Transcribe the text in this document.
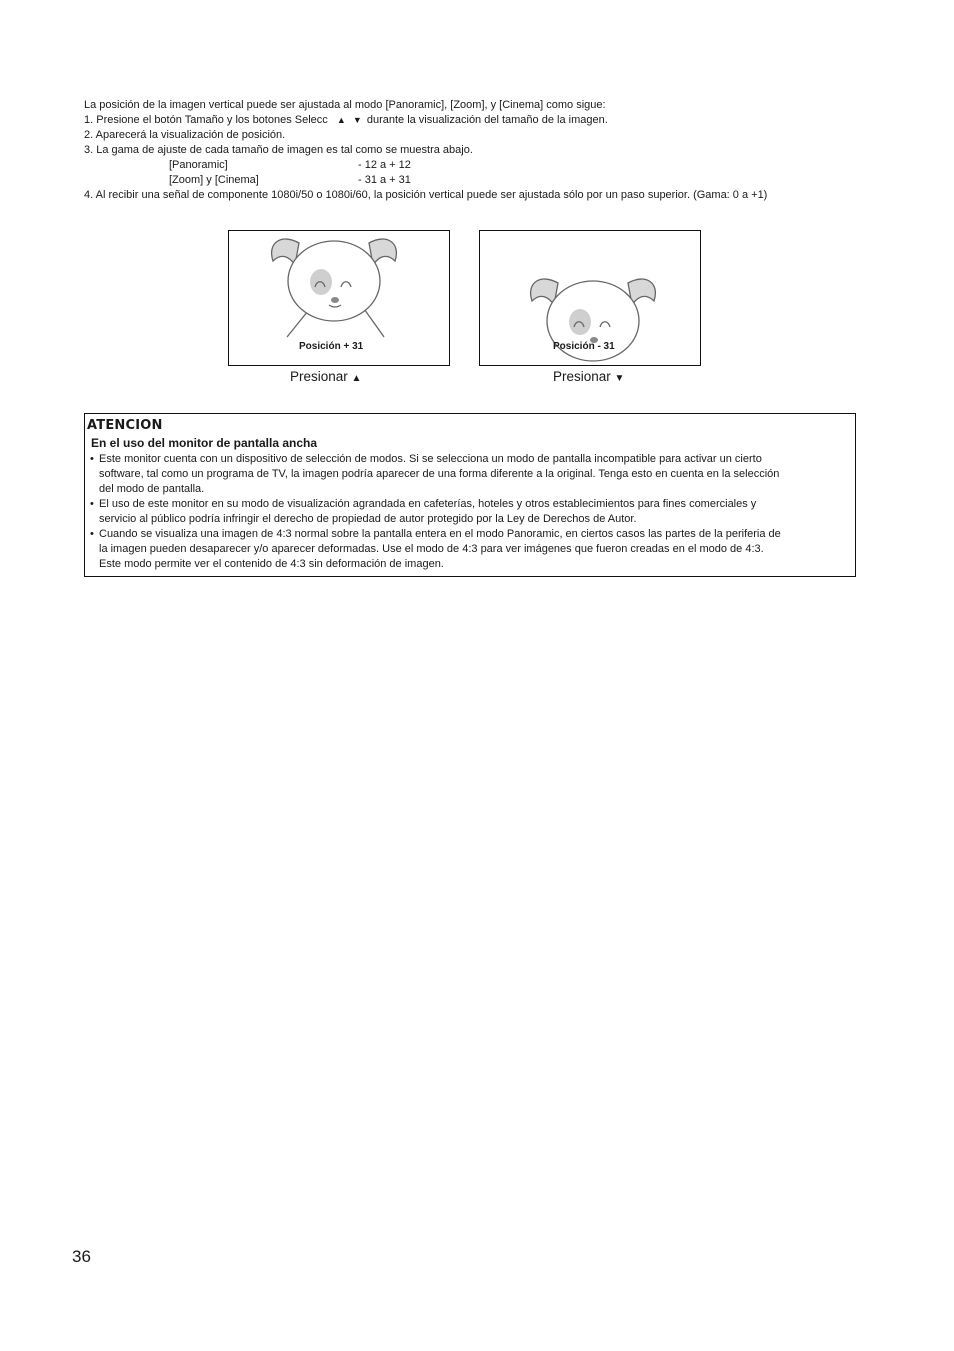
La posición de la imagen vertical puede ser ajustada al modo [Panoramic], [Zoom], y [Cinema] como sigue:

1. Presione el botón Tamaño y los botones Selecc ▲ ▼ durante la visualización del tamaño de la imagen.

2. Aparecerá la visualización de posición.

3. La gama de ajuste de cada tamaño de imagen es tal como se muestra abajo.

[Panoramic]	- 12 a + 12
[Zoom] y [Cinema]	- 31 a + 31

4. Al recibir una señal de componente 1080i/50 o 1080i/60, la posición vertical puede ser ajustada sólo por un paso superior. (Gama: 0 a +1)

Posición + 31
Presionar ▲
Posición - 31
Presionar ▼
ATENCION
En el uso del monitor de pantalla ancha
• Este monitor cuenta con un dispositivo de selección de modos. Si se selecciona un modo de pantalla incompatible para activar un cierto
software, tal como un programa de TV, la imagen podría aparecer de una forma diferente a la original. Tenga esto en cuenta en la selección
del modo de pantalla.
• El uso de este monitor en su modo de visualización agrandada en cafeterías, hoteles y otros establecimientos para fines comerciales y
servicio al público podría infringir el derecho de propiedad de autor protegido por la Ley de Derechos de Autor.
• Cuando se visualiza una imagen de 4:3 normal sobre la pantalla entera en el modo Panoramic, en ciertos casos las partes de la periferia de
la imagen pueden desaparecer y/o aparecer deformadas. Use el modo de 4:3 para ver imágenes que fueron creadas en el modo de 4:3.
Este modo permite ver el contenido de 4:3 sin deformación de imagen.
36
